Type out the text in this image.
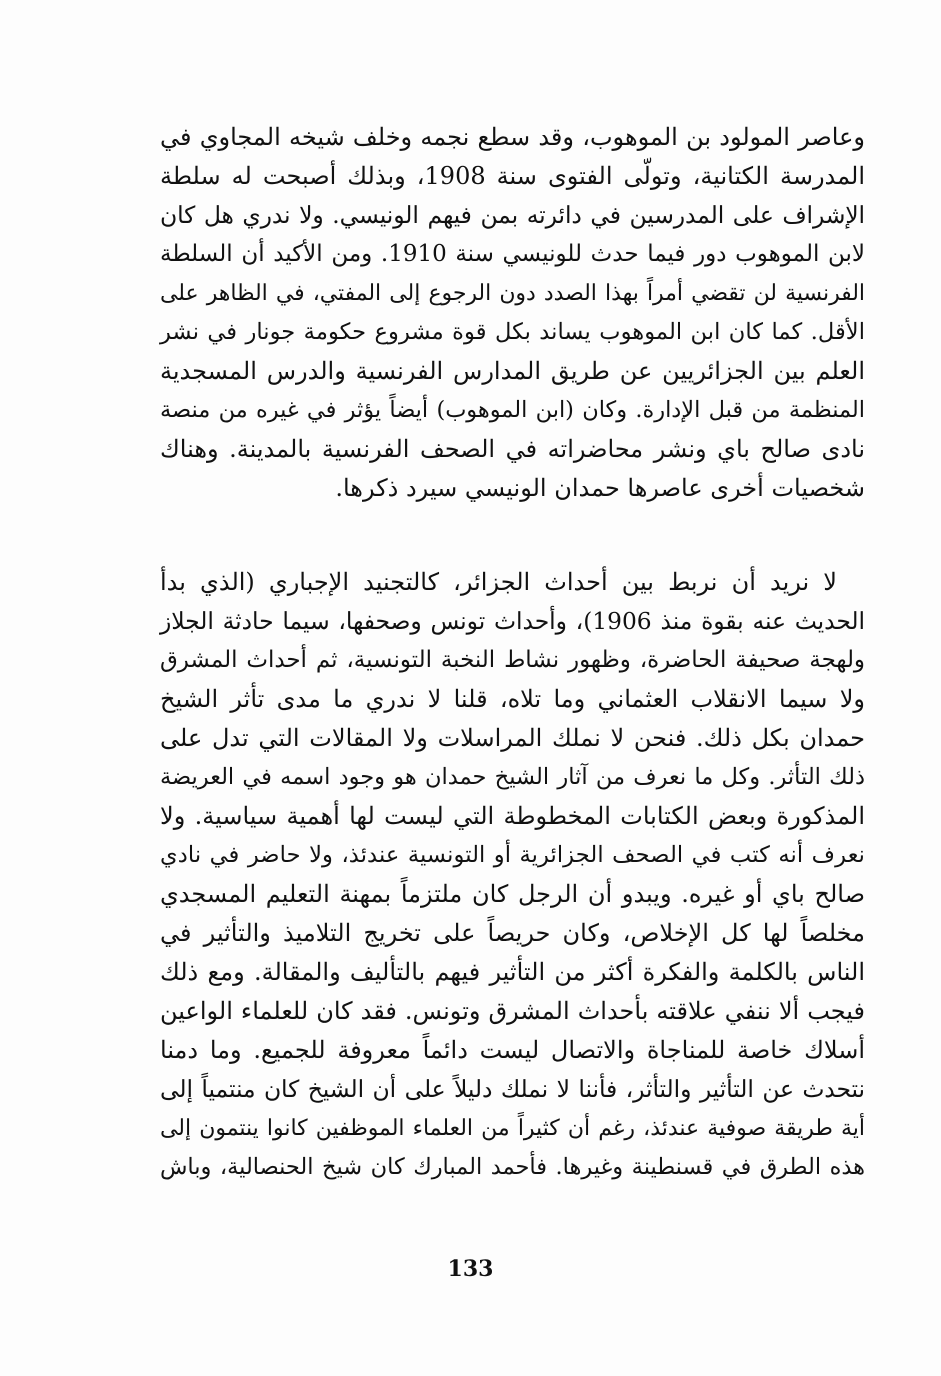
وعاصر المولود بن الموهوب، وقد سطع نجمه وخلف شيخه المجاوي في
المدرسة الكتانية، وتولّى الفتوى سنة 1908، وبذلك أصبحت له سلطة
الإشراف على المدرسين في دائرته بمن فيهم الونيسي. ولا ندري هل كان
لابن الموهوب دور فيما حدث للونيسي سنة 1910. ومن الأكيد أن السلطة
الفرنسية لن تقضي أمراً بهذا الصدد دون الرجوع إلى المفتي، في الظاهر على
الأقل. كما كان ابن الموهوب يساند بكل قوة مشروع حكومة جونار في نشر
العلم بين الجزائريين عن طريق المدارس الفرنسية والدرس المسجدية
المنظمة من قبل الإدارة. وكان (ابن الموهوب) أيضاً يؤثر في غيره من منصة
نادى صالح باي ونشر محاضراته في الصحف الفرنسية بالمدينة. وهناك
شخصيات أخرى عاصرها حمدان الونيسي سيرد ذكرها.
لا نريد أن نربط بين أحداث الجزائر، كالتجنيد الإجباري (الذي بدأ
الحديث عنه بقوة منذ 1906)، وأحداث تونس وصحفها، سيما حادثة الجلاز
ولهجة صحيفة الحاضرة، وظهور نشاط النخبة التونسية، ثم أحداث المشرق
ولا سيما الانقلاب العثماني وما تلاه، قلنا لا ندري ما مدى تأثر الشيخ
حمدان بكل ذلك. فنحن لا نملك المراسلات ولا المقالات التي تدل على
ذلك التأثر. وكل ما نعرف من آثار الشيخ حمدان هو وجود اسمه في العريضة
المذكورة وبعض الكتابات المخطوطة التي ليست لها أهمية سياسية. ولا
نعرف أنه كتب في الصحف الجزائرية أو التونسية عندئذ، ولا حاضر في نادي
صالح باي أو غيره. ويبدو أن الرجل كان ملتزماً بمهنة التعليم المسجدي
مخلصاً لها كل الإخلاص، وكان حريصاً على تخريج التلاميذ والتأثير في
الناس بالكلمة والفكرة أكثر من التأثير فيهم بالتأليف والمقالة. ومع ذلك
فيجب ألا ننفي علاقته بأحداث المشرق وتونس. فقد كان للعلماء الواعين
أسلاك خاصة للمناجاة والاتصال ليست دائماً معروفة للجميع. وما دمنا
نتحدث عن التأثير والتأثر، فأننا لا نملك دليلاً على أن الشيخ كان منتمياً إلى
أية طريقة صوفية عندئذ، رغم أن كثيراً من العلماء الموظفين كانوا ينتمون إلى
هذه الطرق في قسنطينة وغيرها. فأحمد المبارك كان شيخ الحنصالية، وباش
133
